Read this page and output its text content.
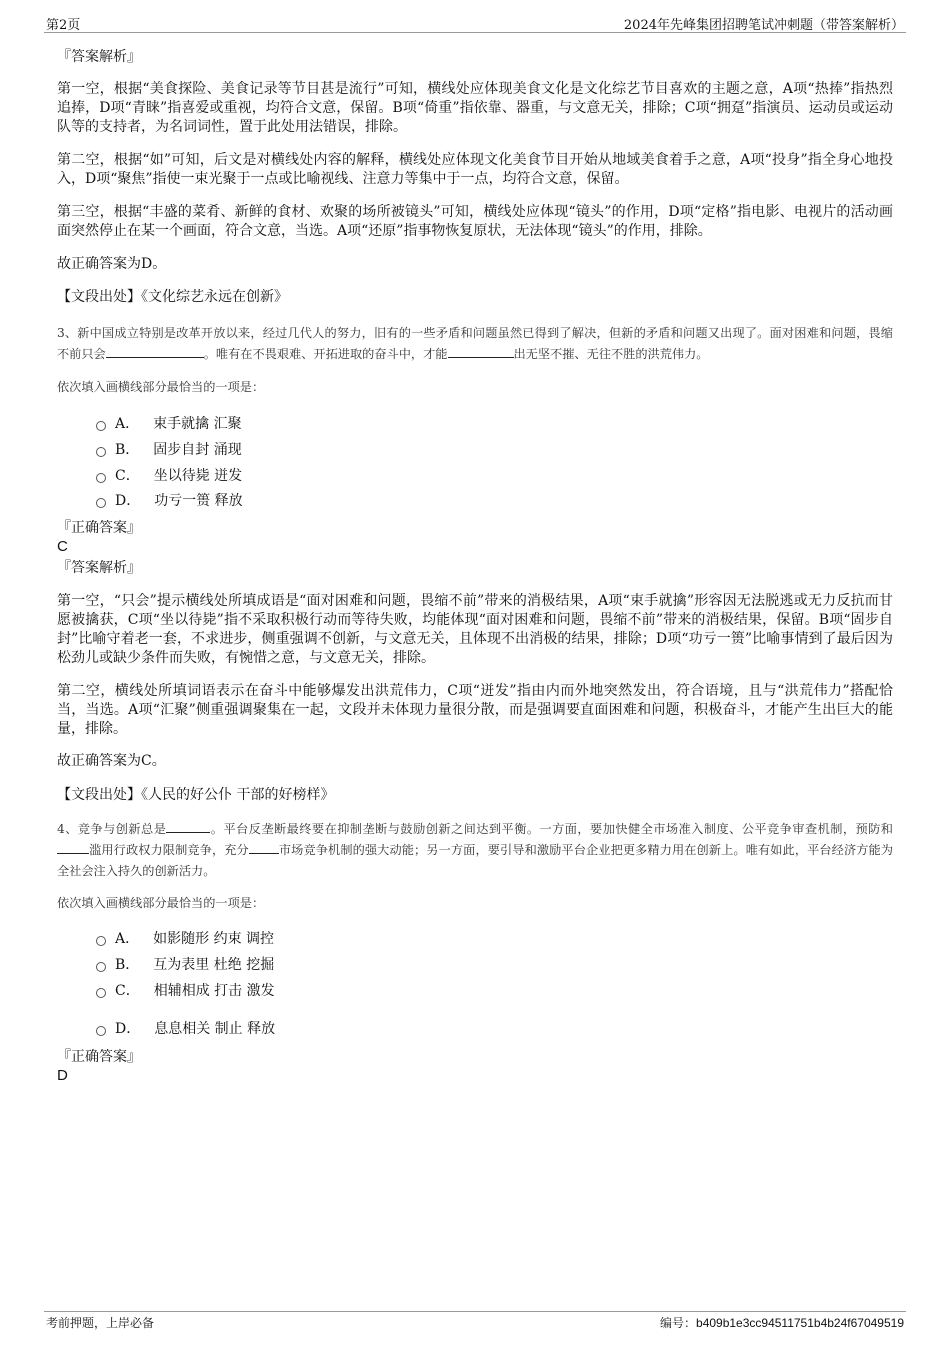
第2页	2024年先峰集团招聘笔试冲刺题（带答案解析）
『答案解析』
第一空，根据“美食探险、美食记录等节目甚是流行”可知，横线处应体现美食文化是文化综艺节目喜欢的主题之意，A项“热捧”指热烈追捧，D项“青睐”指喜爱或重视，均符合文意，保留。B项“倚重”指依靠、器重，与文意无关，排除；C项“拥趸”指演员、运动员或运动队等的支持者，为名词词性，置于此处用法错误，排除。
第二空，根据“如”可知，后文是对横线处内容的解释，横线处应体现文化美食节目开始从地域美食着手之意，A项“投身”指全身心地投入，D项“聚焦”指使一束光聚于一点或比喻视线、注意力等集中于一点，均符合文意，保留。
第三空，根据“丰盛的菜肴、新鲜的食材、欢聚的场所被镜头”可知，横线处应体现“镜头”的作用，D项“定格”指电影、电视片的活动画面突然停止在某一个画面，符合文意，当选。A项“还原”指事物恢复原状，无法体现“镜头”的作用，排除。
故正确答案为D。
【文段出处】《文化综艺永远在创新》
3、新中国成立特别是改革开放以来，经过几代人的努力，旧有的一些矛盾和问题虽然已得到了解决，但新的矛盾和问题又出现了。面对困难和问题，畏缩不前只会	。唯有在不畏艰难、开拓进取的奋斗中，才能	出无坚不摧、无往不胜的洪荒伟力。
依次填入画横线部分最恰当的一项是：
A． 束手就擒 汇聚
B． 固步自封 涌现
C． 坐以待毙 迸发
D． 功亏一篑 释放
『正确答案』
C
『答案解析』
第一空，“只会”提示横线处所填成语是“面对困难和问题，畏缩不前”带来的消极结果，A项“束手就擒”形容因无法脱逃或无力反抗而甘愿被擒获，C项“坐以待毙”指不采取积极行动而等待失败，均能体现“面对困难和问题，畏缩不前”带来的消极结果，保留。B项“固步自封”比喻守着老一套，不求进步，侧重强调不创新，与文意无关，且体现不出消极的结果，排除；D项“功亏一篑”比喻事情到了最后因为松劲儿或缺少条件而失败，有惋惜之意，与文意无关，排除。
第二空，横线处所填词语表示在奋斗中能够爆发出洪荒伟力，C项“迸发”指由内而外地突然发出，符合语境，且与“洪荒伟力”搭配恰当，当选。A项“汇聚”侧重强调聚集在一起，文段并未体现力量很分散，而是强调要直面困难和问题，积极奋斗，才能产生出巨大的能量，排除。
故正确答案为C。
【文段出处】《人民的好公仆 干部的好榜样》
4、竞争与创新总是	。平台反垄断最终要在抑制垄断与鼓励创新之间达到平衡。一方面，要加快健全市场准入制度、公平竞争审查机制，预防和滥用行政权力限制竞争，充分 市场竞争机制的强大动能；另一方面，要引导和激励平台企业把更多精力用在创新上。唯有如此，平台经济方能为全社会注入持久的创新活力。
依次填入画横线部分最恰当的一项是：
A． 如影随形 约束 调控
B． 互为表里 杜绝 挖掘
C． 相辅相成 打击 激发
D． 息息相关 制止 释放
『正确答案』
D
考前押题，上岸必备	编号：b409b1e3cc94511751b4b24f67049519
